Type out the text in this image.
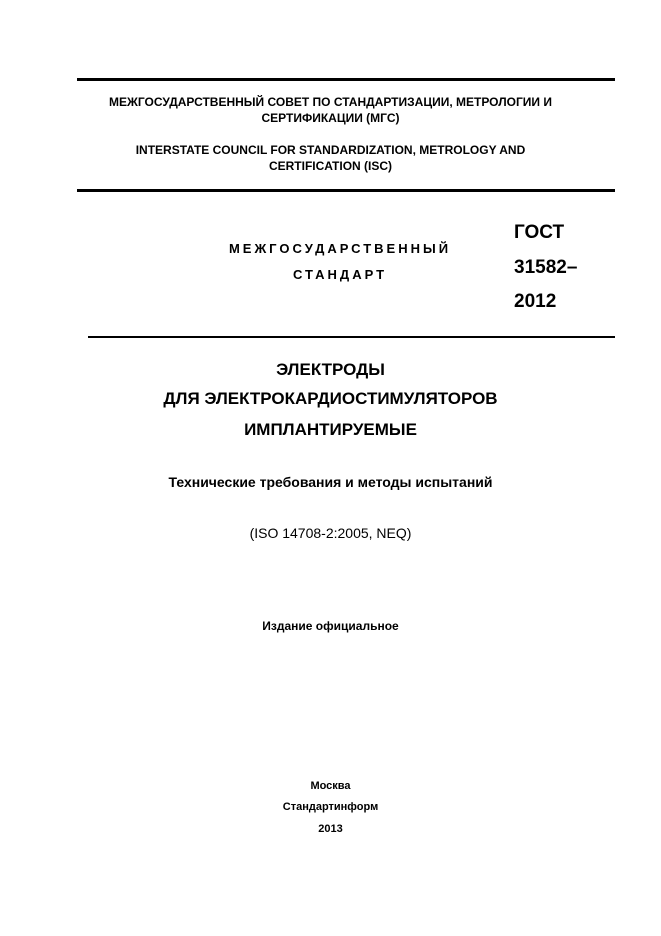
МЕЖГОСУДАРСТВЕННЫЙ СОВЕТ ПО СТАНДАРТИЗАЦИИ, МЕТРОЛОГИИ И
СЕРТИФИКАЦИИ (МГС)
INTERSTATE COUNCIL FOR STANDARDIZATION, METROLOGY AND
CERTIFICATION (ISC)
МЕЖГОСУДАРСТВЕННЫЙ
СТАНДАРТ
ГОСТ
31582–
2012
ЭЛЕКТРОДЫ
ДЛЯ ЭЛЕКТРОКАРДИОСТИМУЛЯТОРОВ
ИМПЛАНТИРУЕМЫЕ
Технические требования и методы испытаний
(ISO 14708-2:2005, NEQ)
Издание официальное
Москва
Стандартинформ
2013
